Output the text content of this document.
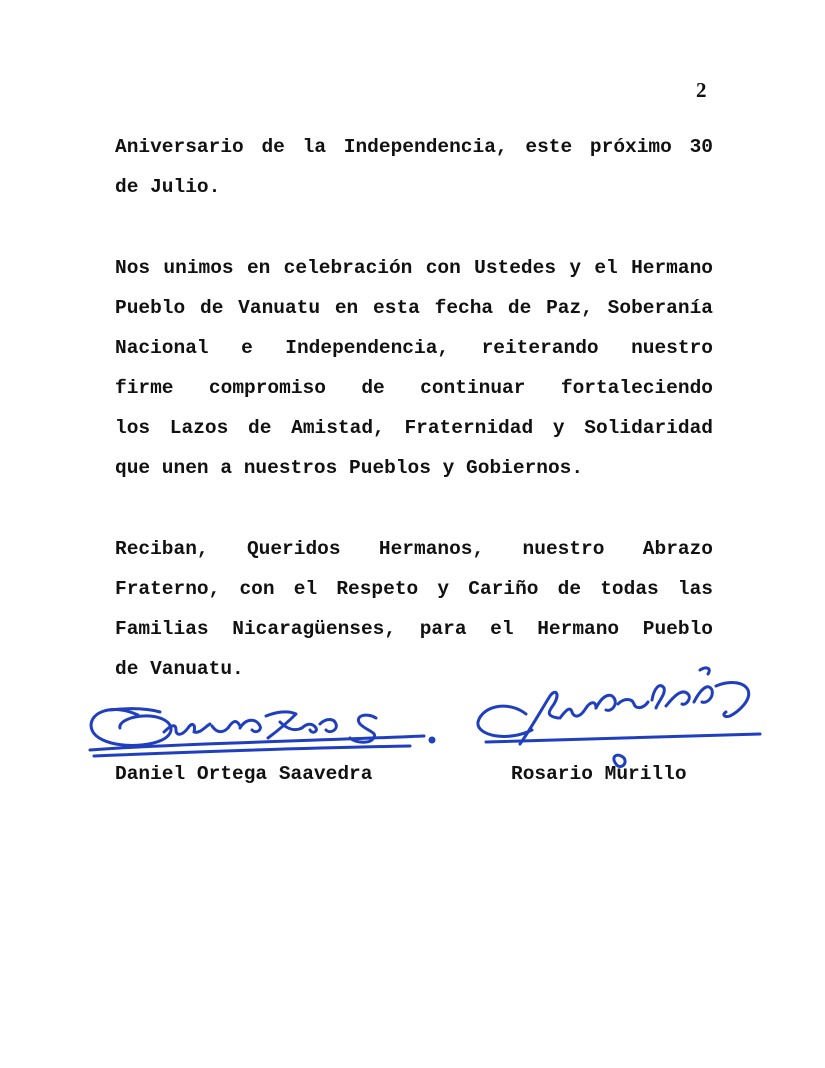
2
Aniversario de la Independencia, este próximo 30
de Julio.
Nos unimos en celebración con Ustedes y el Hermano
Pueblo de Vanuatu en esta fecha de Paz, Soberanía
Nacional e Independencia, reiterando nuestro
firme compromiso de continuar fortaleciendo
los Lazos de Amistad, Fraternidad y Solidaridad
que unen a nuestros Pueblos y Gobiernos.
Reciban, Queridos Hermanos, nuestro Abrazo
Fraterno, con el Respeto y Cariño de todas las
Familias Nicaragüenses, para el Hermano Pueblo
de Vanuatu.
Daniel Ortega Saavedra	Rosario Murillo
